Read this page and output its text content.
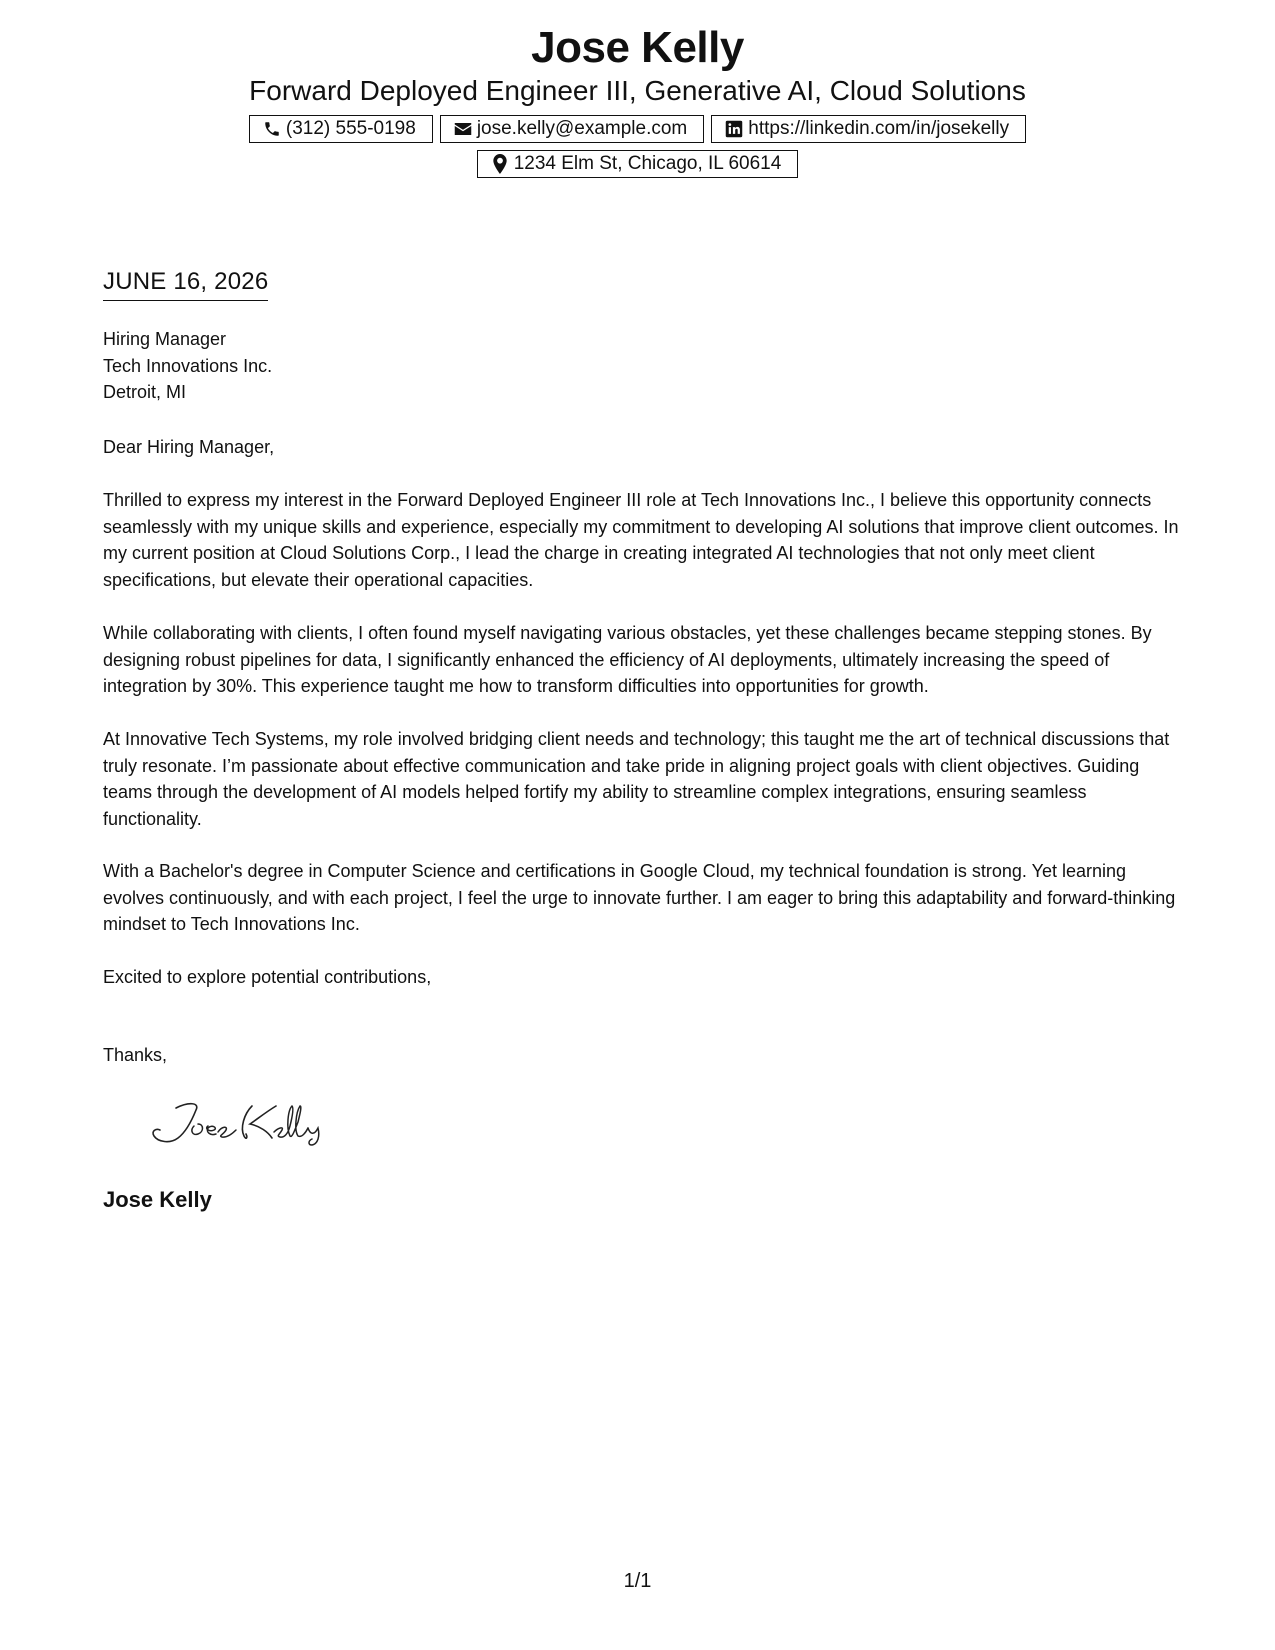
Jose Kelly
Forward Deployed Engineer III, Generative AI, Cloud Solutions
(312) 555-0198	jose.kelly@example.com	https://linkedin.com/in/josekelly
1234 Elm St, Chicago, IL 60614
JUNE 16, 2026
Hiring Manager
Tech Innovations Inc.
Detroit, MI
Dear Hiring Manager,
Thrilled to express my interest in the Forward Deployed Engineer III role at Tech Innovations Inc., I believe this opportunity connects seamlessly with my unique skills and experience, especially my commitment to developing AI solutions that improve client outcomes. In my current position at Cloud Solutions Corp., I lead the charge in creating integrated AI technologies that not only meet client specifications, but elevate their operational capacities.
While collaborating with clients, I often found myself navigating various obstacles, yet these challenges became stepping stones. By designing robust pipelines for data, I significantly enhanced the efficiency of AI deployments, ultimately increasing the speed of integration by 30%. This experience taught me how to transform difficulties into opportunities for growth.
At Innovative Tech Systems, my role involved bridging client needs and technology; this taught me the art of technical discussions that truly resonate. I’m passionate about effective communication and take pride in aligning project goals with client objectives. Guiding teams through the development of AI models helped fortify my ability to streamline complex integrations, ensuring seamless functionality.
With a Bachelor's degree in Computer Science and certifications in Google Cloud, my technical foundation is strong. Yet learning evolves continuously, and with each project, I feel the urge to innovate further. I am eager to bring this adaptability and forward-thinking mindset to Tech Innovations Inc.
Excited to explore potential contributions,
Thanks,
Jose Kelly
1/1
